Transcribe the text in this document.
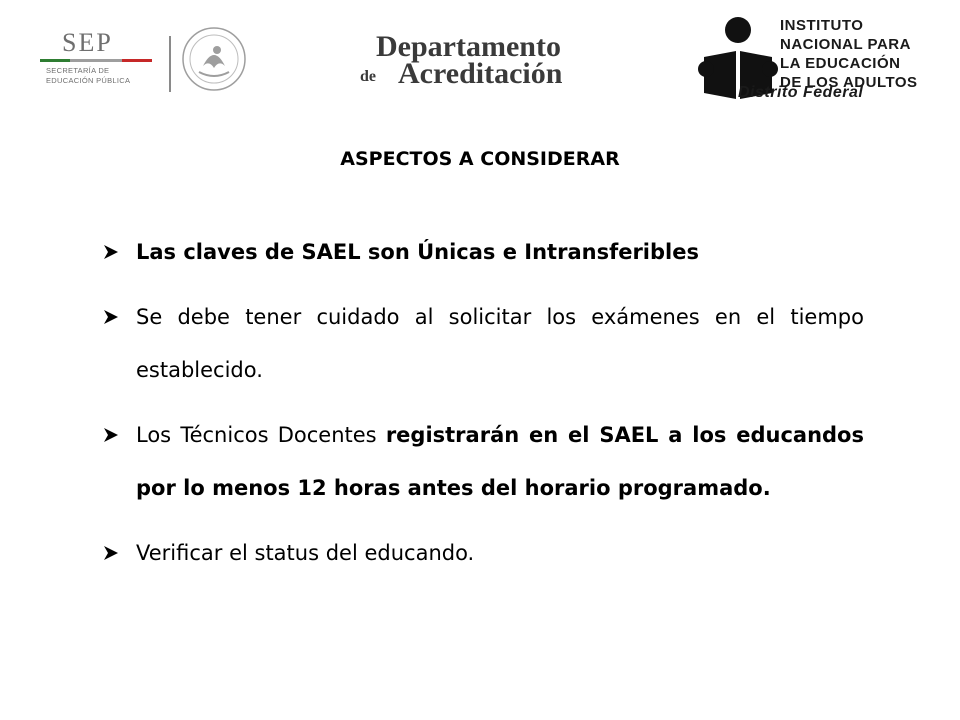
SEP
SECRETARÍA DE
EDUCACIÓN PÚBLICA
Departamento
de Acreditación
INSTITUTO
NACIONAL PARA
LA EDUCACIÓN
DE LOS ADULTOS
Distrito Federal
ASPECTOS A CONSIDERAR
Las claves de SAEL son Únicas e Intransferibles
Se debe tener cuidado al solicitar los exámenes en el tiempo establecido.
Los Técnicos Docentes registrarán en el SAEL a los educandos por lo menos 12 horas antes del horario programado.
Verificar el status del educando.
